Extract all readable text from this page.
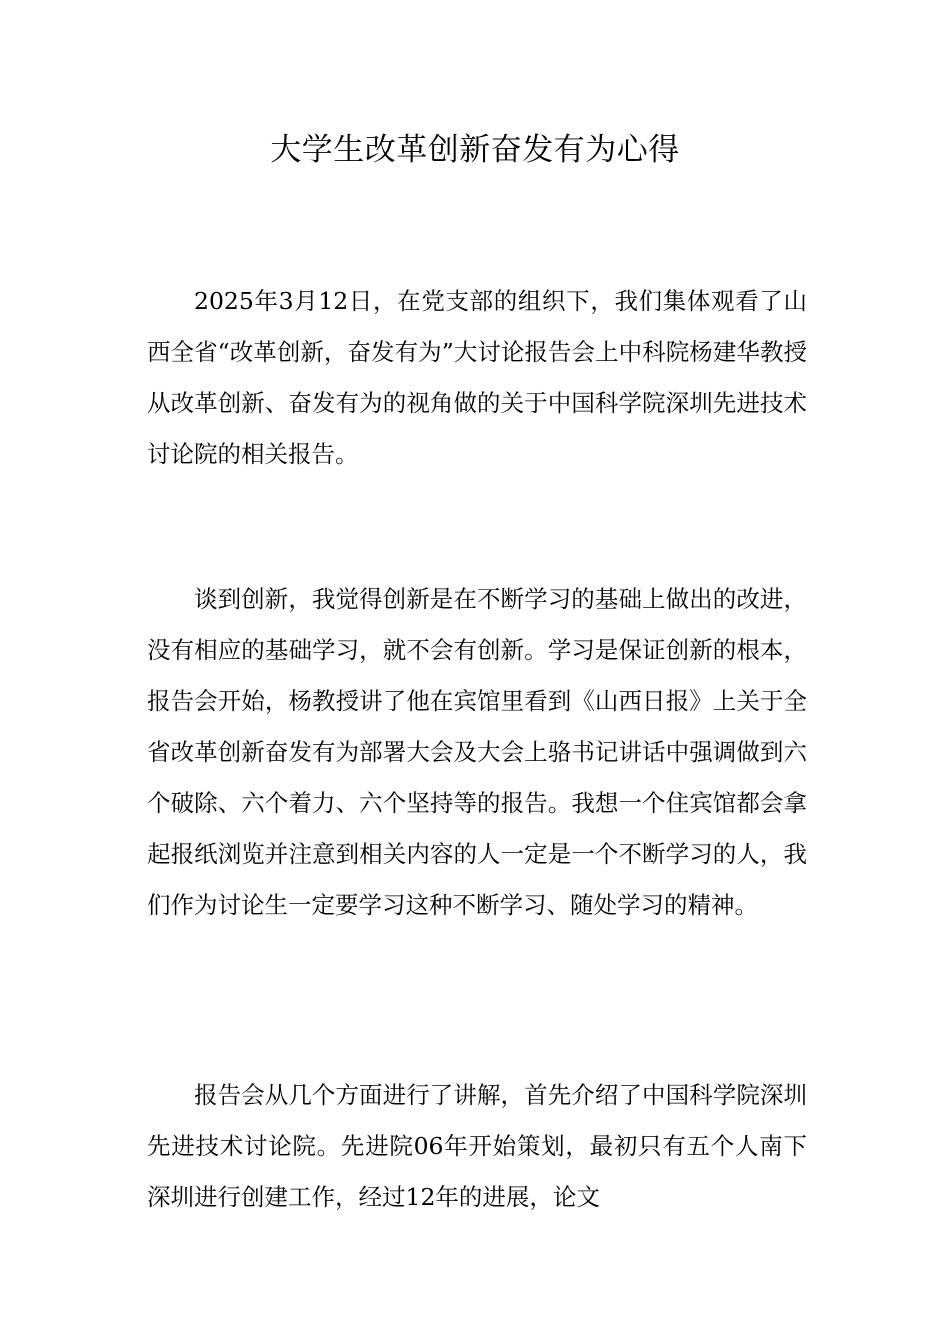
大学生改革创新奋发有为心得

2025年3月12日，在党支部的组织下，我们集体观看了山西全省“改革创新，奋发有为”大讨论报告会上中科院杨建华教授从改革创新、奋发有为的视角做的关于中国科学院深圳先进技术讨论院的相关报告。

谈到创新，我觉得创新是在不断学习的基础上做出的改进，没有相应的基础学习，就不会有创新。学习是保证创新的根本，报告会开始，杨教授讲了他在宾馆里看到《山西日报》上关于全省改革创新奋发有为部署大会及大会上骆书记讲话中强调做到六个破除、六个着力、六个坚持等的报告。我想一个住宾馆都会拿起报纸浏览并注意到相关内容的人一定是一个不断学习的人，我们作为讨论生一定要学习这种不断学习、随处学习的精神。

报告会从几个方面进行了讲解，首先介绍了中国科学院深圳先进技术讨论院。先进院06年开始策划，最初只有五个人南下深圳进行创建工作，经过12年的进展，论文
